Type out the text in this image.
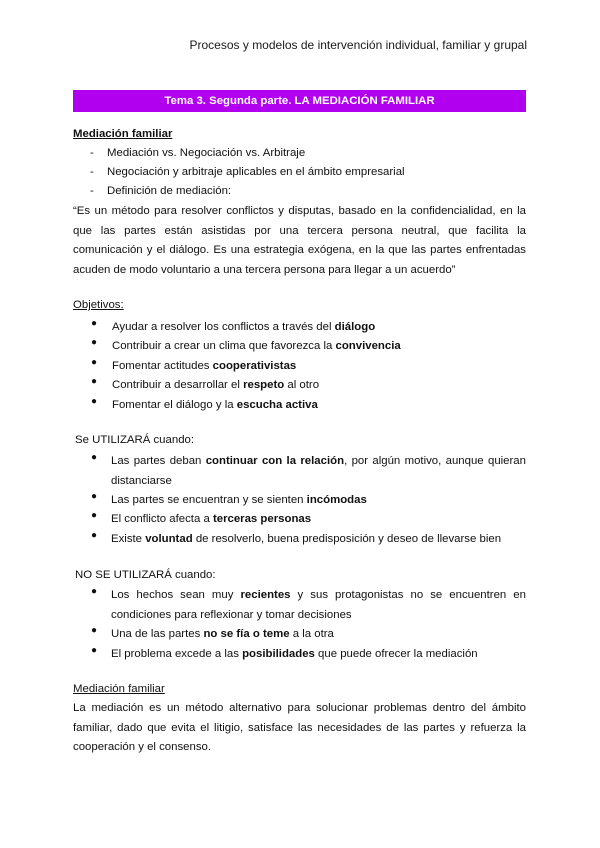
Procesos y modelos de intervención individual, familiar y grupal
Tema 3. Segunda parte. LA MEDIACIÓN FAMILIAR
Mediación familiar
- Mediación vs. Negociación vs. Arbitraje
- Negociación y arbitraje aplicables en el ámbito empresarial
- Definición de mediación:
“Es un método para resolver conflictos y disputas, basado en la confidencialidad, en la que las partes están asistidas por una tercera persona neutral, que facilita la comunicación y el diálogo. Es una estrategia exógena, en la que las partes enfrentadas acuden de modo voluntario a una tercera persona para llegar a un acuerdo”
Objetivos:
● Ayudar a resolver los conflictos a través del diálogo
● Contribuir a crear un clima que favorezca la convivencia
● Fomentar actitudes cooperativistas
● Contribuir a desarrollar el respeto al otro
● Fomentar el diálogo y la escucha activa
Se UTILIZARÁ cuando:
● Las partes deban continuar con la relación, por algún motivo, aunque quieran distanciarse
● Las partes se encuentran y se sienten incómodas
● El conflicto afecta a terceras personas
● Existe voluntad de resolverlo, buena predisposición y deseo de llevarse bien
NO SE UTILIZARÁ cuando:
● Los hechos sean muy recientes y sus protagonistas no se encuentren en condiciones para reflexionar y tomar decisiones
● Una de las partes no se fía o teme a la otra
● El problema excede a las posibilidades que puede ofrecer la mediación
Mediación familiar
La mediación es un método alternativo para solucionar problemas dentro del ámbito familiar, dado que evita el litigio, satisface las necesidades de las partes y refuerza la cooperación y el consenso.
